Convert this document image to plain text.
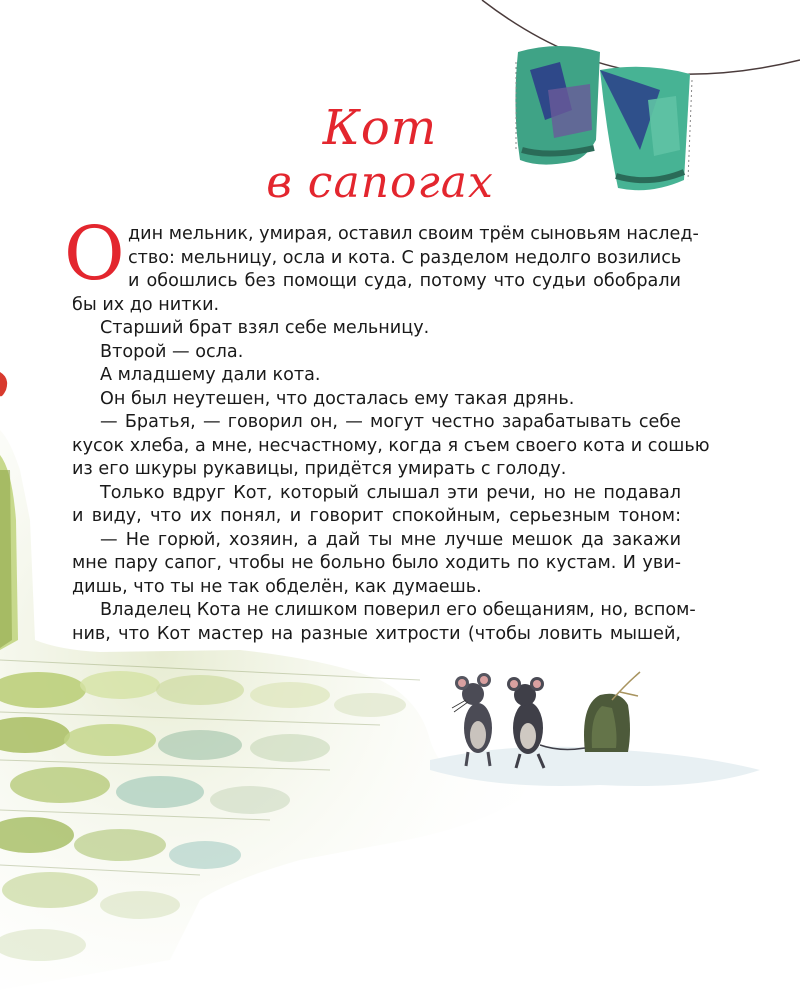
Кот
в сапогах
О дин мельник, умирая, оставил своим трём сыновьям наслед-
ство: мельницу, осла и кота. С разделом недолго возились
и обошлись без помощи суда, потому что судьи обобрали
бы их до нитки.
Старший брат взял себе мельницу.
Второй — осла.
А младшему дали кота.
Он был неутешен, что досталась ему такая дрянь.
— Братья, — говорил он, — могут честно зарабатывать себе
кусок хлеба, а мне, несчастному, когда я съем своего кота и сошью
из его шкуры рукавицы, придётся умирать с голоду.
Только вдруг Кот, который слышал эти речи, но не подавал
и виду, что их понял, и говорит спокойным, серьезным тоном:
— Не горюй, хозяин, а дай ты мне лучше мешок да закажи
мне пару сапог, чтобы не больно было ходить по кустам. И уви-
дишь, что ты не так обделён, как думаешь.
Владелец Кота не слишком поверил его обещаниям, но, вспом-
нив, что Кот мастер на разные хитрости (чтобы ловить мышей,
